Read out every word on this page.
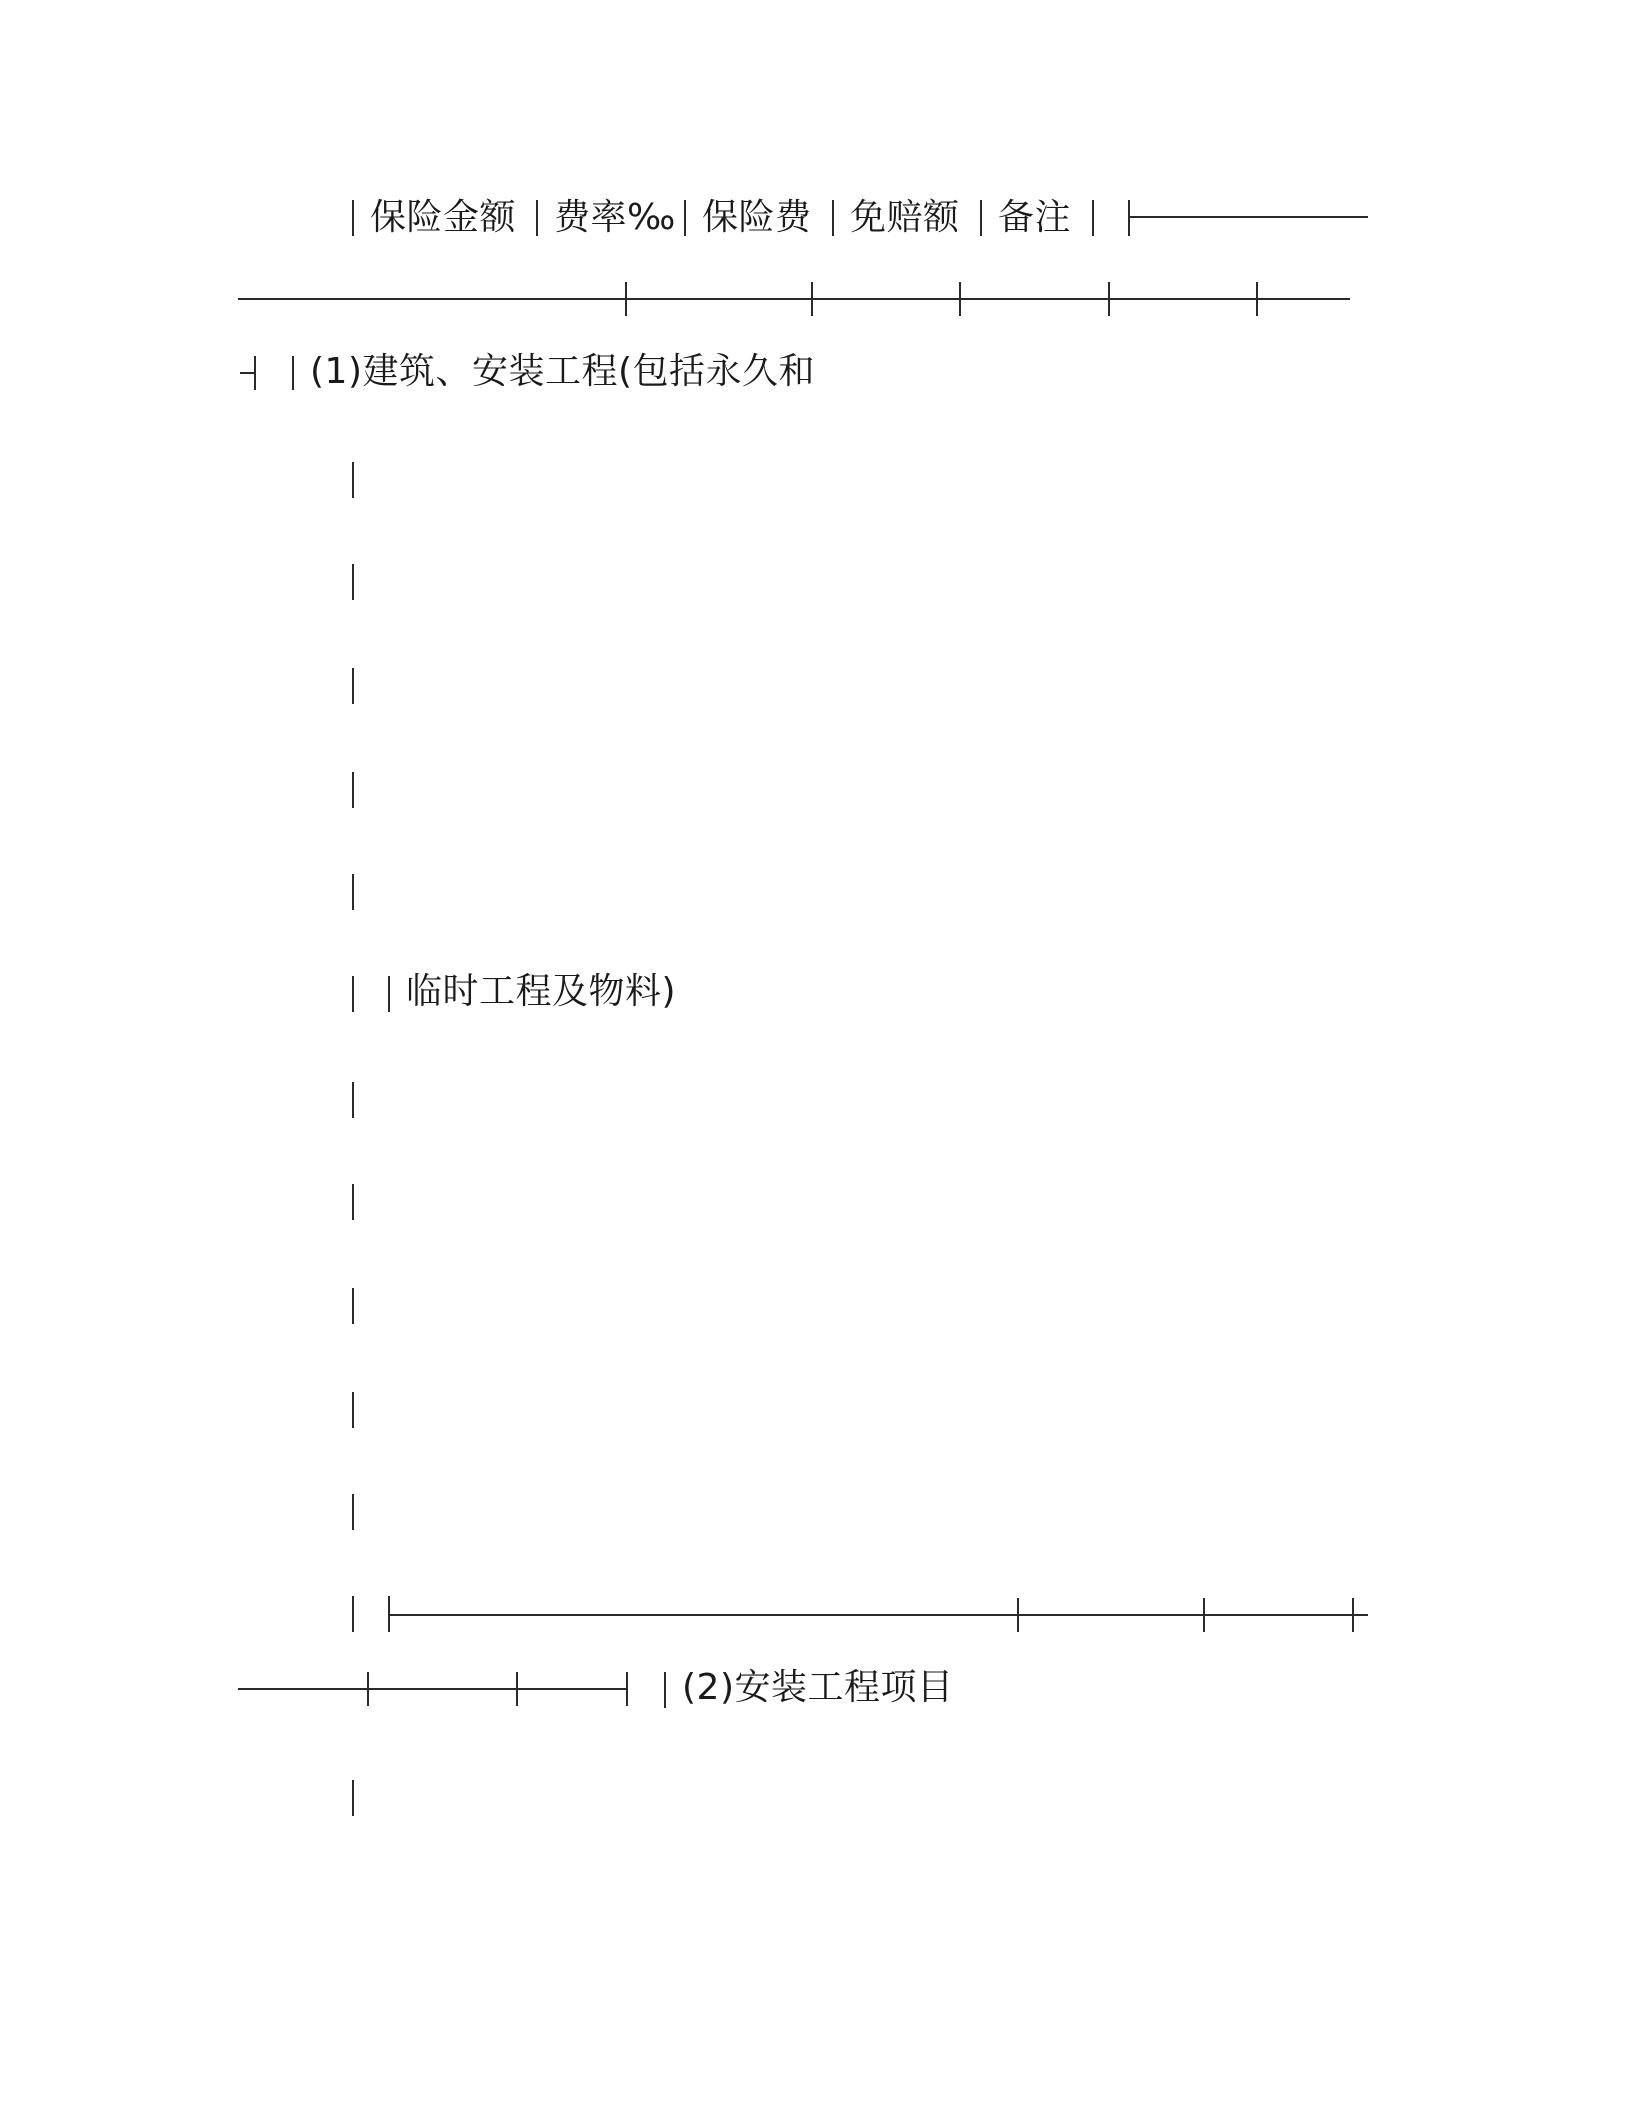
保险金额 费率‰ 保险费 免赔额 备注
(1)建筑、安装工程(包括永久和
临时工程及物料)
(2)安装工程项目
